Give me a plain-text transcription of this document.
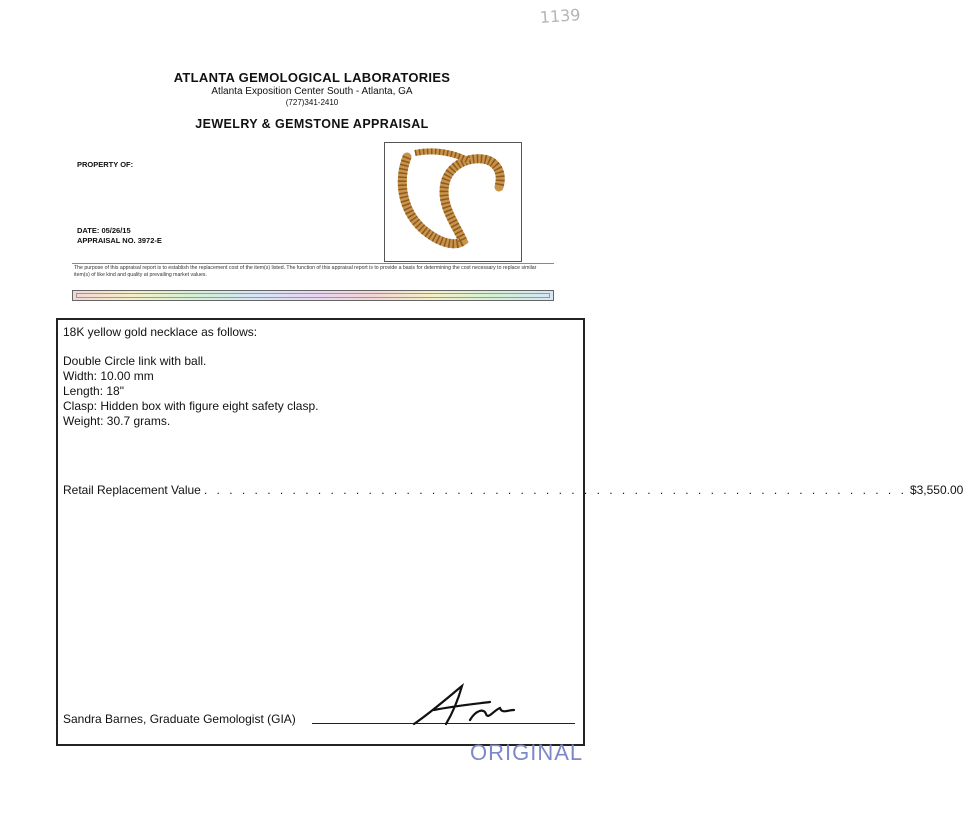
1139
ATLANTA GEMOLOGICAL LABORATORIES
Atlanta Exposition Center South - Atlanta, GA
(727)341-2410
JEWELRY & GEMSTONE APPRAISAL
PROPERTY OF:
DATE: 05/26/15
APPRAISAL NO. 3972-E
The purpose of this appraisal report is to establish the replacement cost of the item(s) listed. The function of this appraisal report is to provide a basis for determining the cost necessary to replace similar item(s) of like kind and quality at prevailing market values.
18K yellow gold necklace as follows:
Double Circle link with ball.
Width: 10.00 mm
Length: 18"
Clasp: Hidden box with figure eight safety clasp.
Weight: 30.7 grams.
Retail Replacement Value . . . . . . . . . . . . . . . . . . . . . . . . . . . . . . . . . . . . . . . . . . . . . . . . . . . . . . . . $3,550.00
Sandra Barnes, Graduate Gemologist (GIA)
ORIGINAL
